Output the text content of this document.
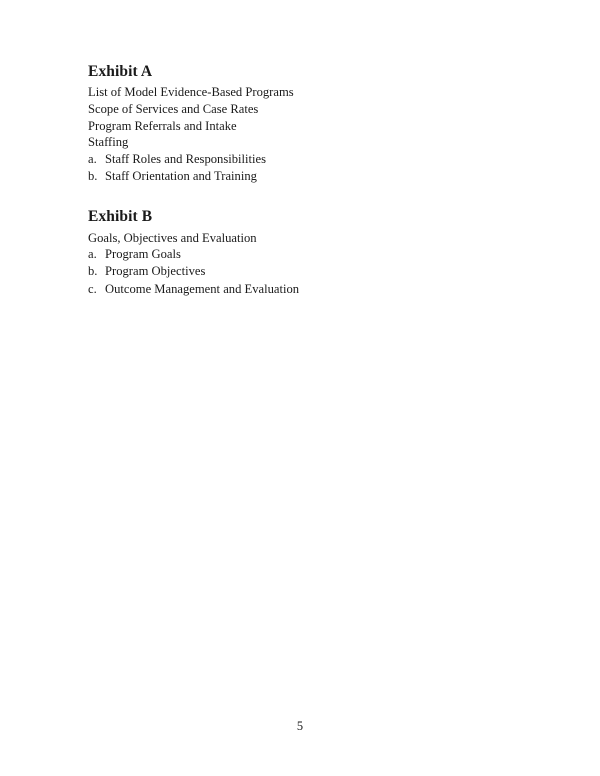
Exhibit A

List of Model Evidence-Based Programs

Scope of Services and Case Rates

Program Referrals and Intake

Staffing

a. Staff Roles and Responsibilities
b. Staff Orientation and Training
Exhibit B

Goals, Objectives and Evaluation

a. Program Goals
b. Program Objectives
c. Outcome Management and Evaluation
5
